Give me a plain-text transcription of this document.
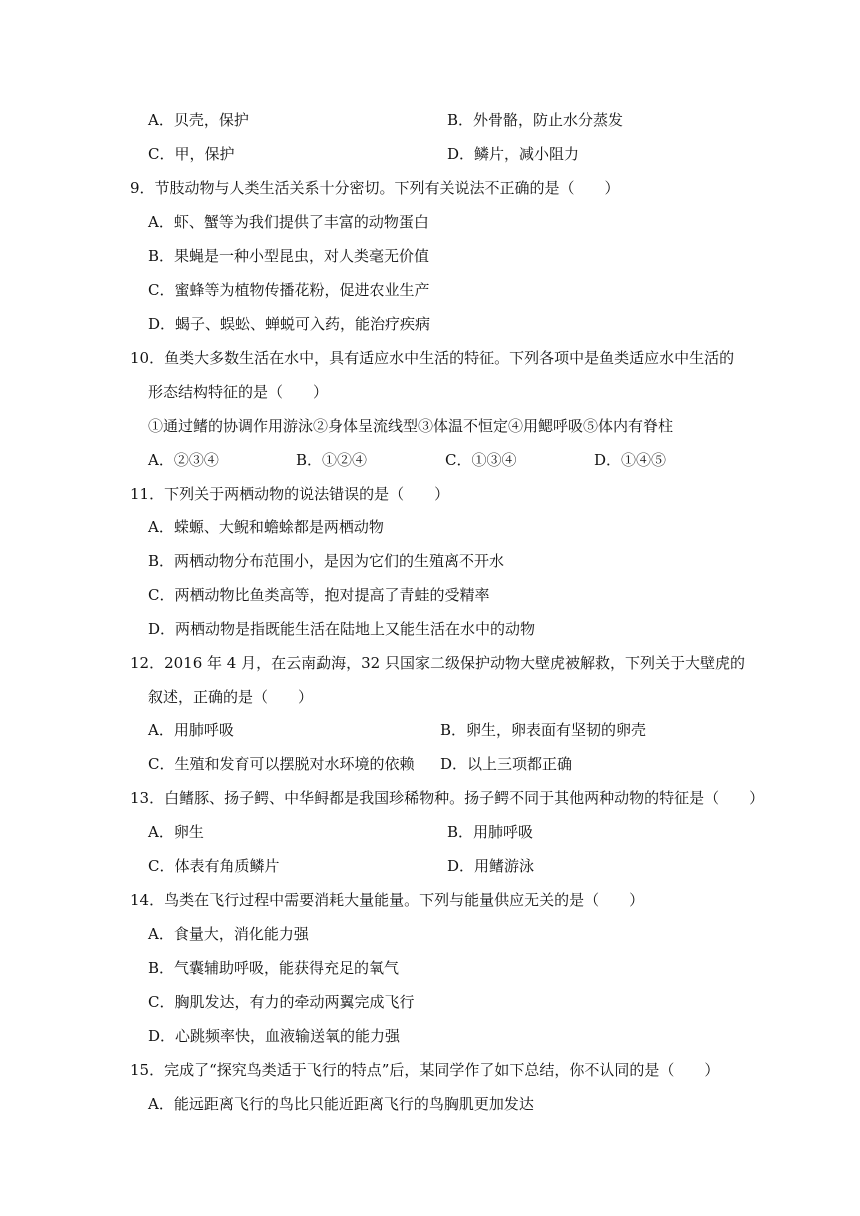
A．贝壳，保护	B．外骨骼，防止水分蒸发
C．甲，保护	D．鳞片，减小阻力
9．节肢动物与人类生活关系十分密切。下列有关说法不正确的是（　　）
A．虾、蟹等为我们提供了丰富的动物蛋白
B．果蝇是一种小型昆虫，对人类毫无价值
C．蜜蜂等为植物传播花粉，促进农业生产
D．蝎子、蜈蚣、蝉蜕可入药，能治疗疾病
10．鱼类大多数生活在水中，具有适应水中生活的特征。下列各项中是鱼类适应水中生活的
形态结构特征的是（　　）
①通过鳍的协调作用游泳②身体呈流线型③体温不恒定④用鳃呼吸⑤体内有脊柱
A．②③④	B．①②④	C．①③④	D．①④⑤
11．下列关于两栖动物的说法错误的是（　　）
A．蝾螈、大鲵和蟾蜍都是两栖动物
B．两栖动物分布范围小，是因为它们的生殖离不开水
C．两栖动物比鱼类高等，抱对提高了青蛙的受精率
D．两栖动物是指既能生活在陆地上又能生活在水中的动物
12．2016 年 4 月，在云南勐海，32 只国家二级保护动物大壁虎被解救，下列关于大壁虎的
叙述，正确的是（　　）
A．用肺呼吸	B．卵生，卵表面有坚韧的卵壳
C．生殖和发育可以摆脱对水环境的依赖 D．以上三项都正确
13．白鳍豚、扬子鳄、中华鲟都是我国珍稀物种。扬子鳄不同于其他两种动物的特征是（　　）
A．卵生	B．用肺呼吸
C．体表有角质鳞片	D．用鳍游泳
14．鸟类在飞行过程中需要消耗大量能量。下列与能量供应无关的是（　　）
A．食量大，消化能力强
B．气囊辅助呼吸，能获得充足的氧气
C．胸肌发达，有力的牵动两翼完成飞行
D．心跳频率快，血液输送氧的能力强
15．完成了“探究鸟类适于飞行的特点”后，某同学作了如下总结，你不认同的是（　　）
A．能远距离飞行的鸟比只能近距离飞行的鸟胸肌更加发达
